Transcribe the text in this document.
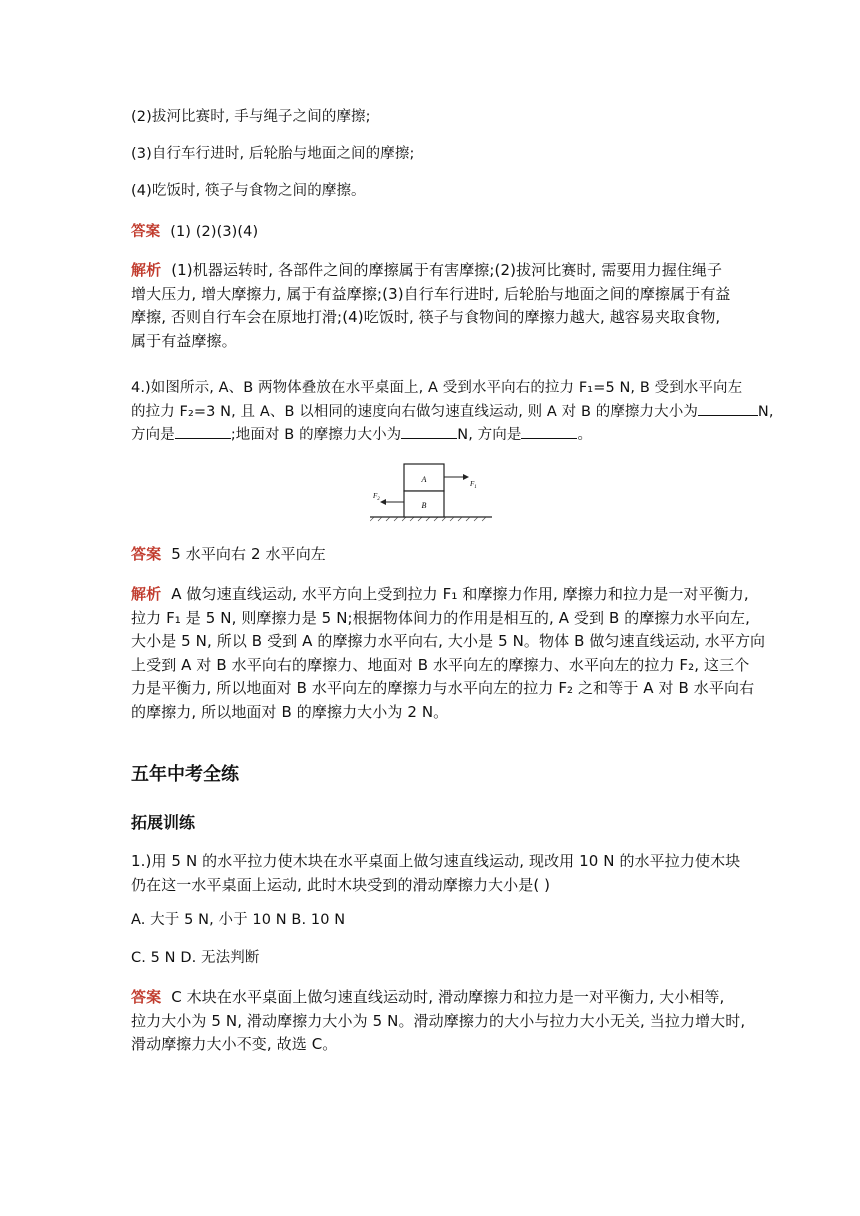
(2)拔河比赛时, 手与绳子之间的摩擦;
(3)自行车行进时, 后轮胎与地面之间的摩擦;
(4)吃饭时, 筷子与食物之间的摩擦。
答案 (1) (2)(3)(4)
解析 (1)机器运转时, 各部件之间的摩擦属于有害摩擦;(2)拔河比赛时, 需要用力握住绳子
增大压力, 增大摩擦力, 属于有益摩擦;(3)自行车行进时, 后轮胎与地面之间的摩擦属于有益
摩擦, 否则自行车会在原地打滑;(4)吃饭时, 筷子与食物间的摩擦力越大, 越容易夹取食物,
属于有益摩擦。
4.)如图所示, A、B 两物体叠放在水平桌面上, A 受到水平向右的拉力 F₁=5 N, B 受到水平向左
的拉力 F₂=3 N, 且 A、B 以相同的速度向右做匀速直线运动, 则 A 对 B 的摩擦力大小为	N,
方向是	;地面对 B 的摩擦力大小为	N, 方向是	。
A
B
$F_1$
$F_2$
答案 5 水平向右 2 水平向左
解析 A 做匀速直线运动, 水平方向上受到拉力 F₁ 和摩擦力作用, 摩擦力和拉力是一对平衡力,
拉力 F₁ 是 5 N, 则摩擦力是 5 N;根据物体间力的作用是相互的, A 受到 B 的摩擦力水平向左,
大小是 5 N, 所以 B 受到 A 的摩擦力水平向右, 大小是 5 N。物体 B 做匀速直线运动, 水平方向
上受到 A 对 B 水平向右的摩擦力、地面对 B 水平向左的摩擦力、水平向左的拉力 F₂, 这三个
力是平衡力, 所以地面对 B 水平向左的摩擦力与水平向左的拉力 F₂ 之和等于 A 对 B 水平向右
的摩擦力, 所以地面对 B 的摩擦力大小为 2 N。
五年中考全练
拓展训练
1.)用 5 N 的水平拉力使木块在水平桌面上做匀速直线运动, 现改用 10 N 的水平拉力使木块
仍在这一水平桌面上运动, 此时木块受到的滑动摩擦力大小是( )
A. 大于 5 N, 小于 10 N B. 10 N
C. 5 N D. 无法判断
答案 C 木块在水平桌面上做匀速直线运动时, 滑动摩擦力和拉力是一对平衡力, 大小相等,
拉力大小为 5 N, 滑动摩擦力大小为 5 N。滑动摩擦力的大小与拉力大小无关, 当拉力增大时,
滑动摩擦力大小不变, 故选 C。
